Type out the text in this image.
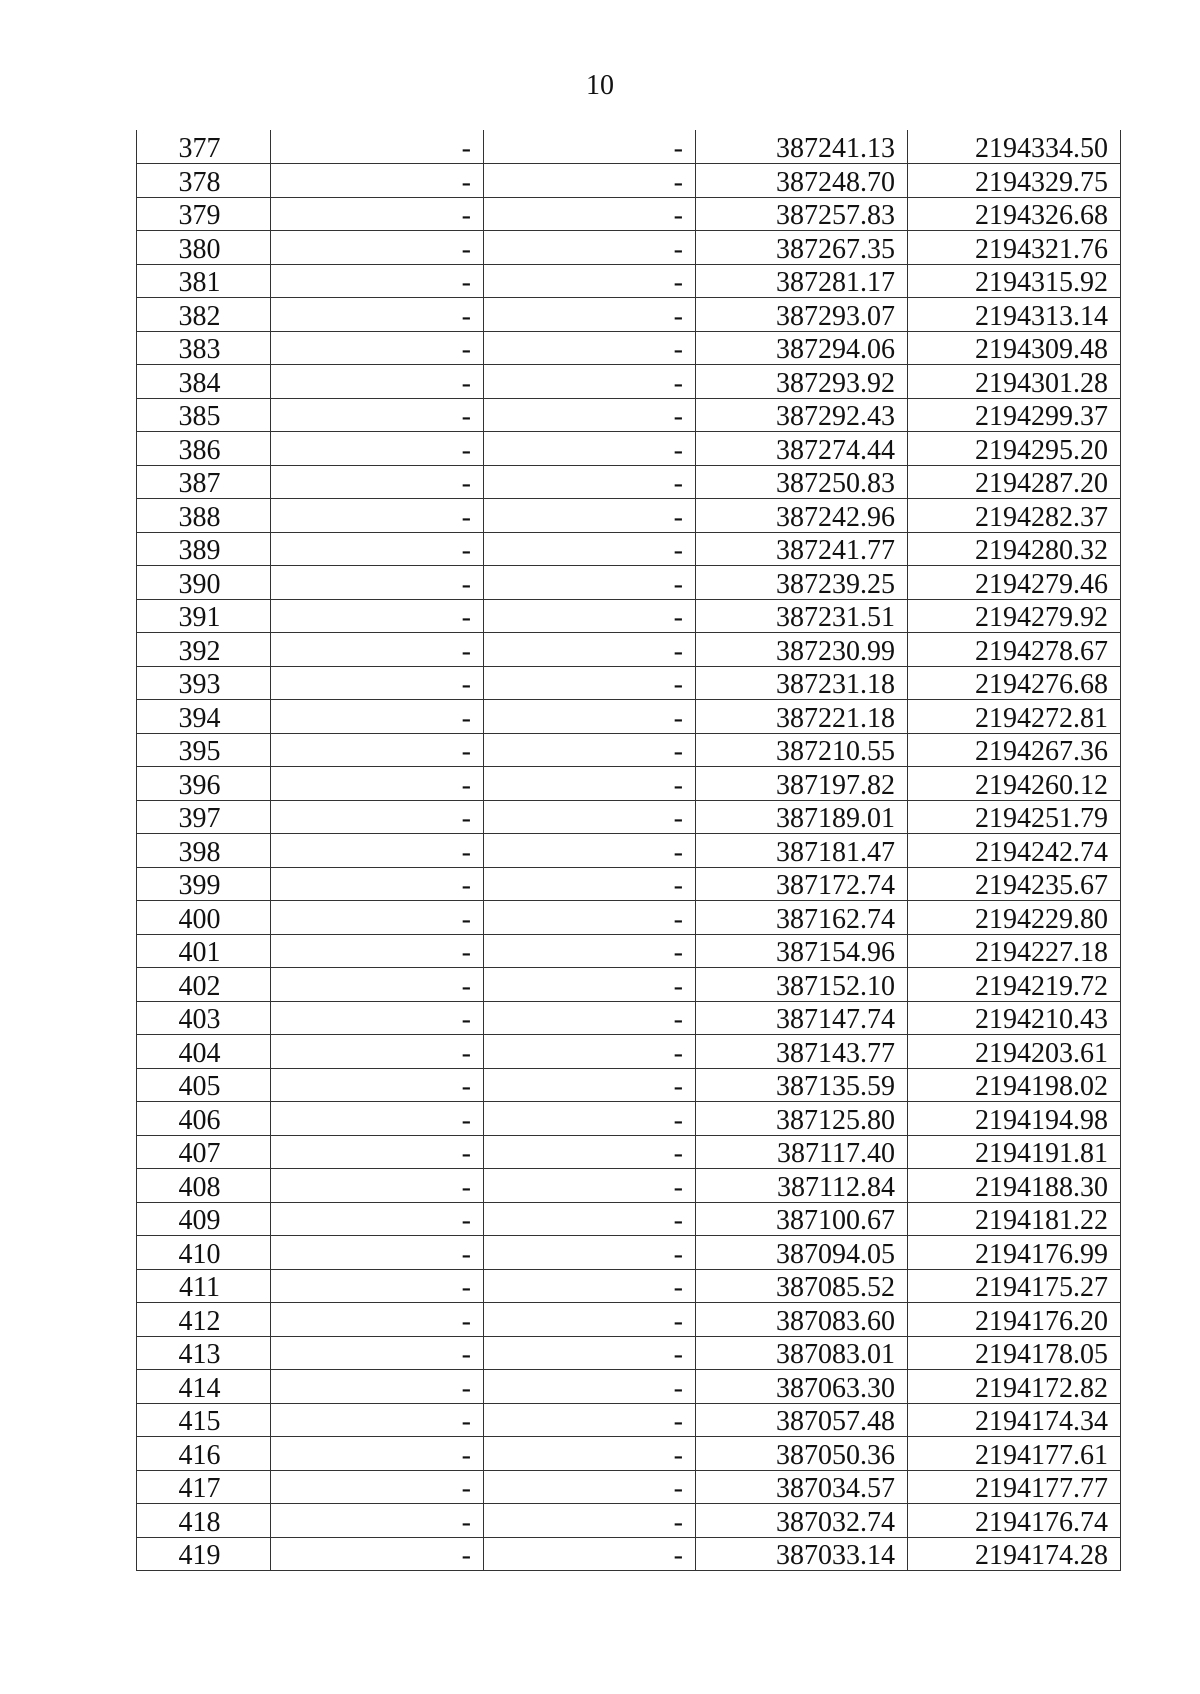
10
377	-	-	387241.13	2194334.50
378	-	-	387248.70	2194329.75
379	-	-	387257.83	2194326.68
380	-	-	387267.35	2194321.76
381	-	-	387281.17	2194315.92
382	-	-	387293.07	2194313.14
383	-	-	387294.06	2194309.48
384	-	-	387293.92	2194301.28
385	-	-	387292.43	2194299.37
386	-	-	387274.44	2194295.20
387	-	-	387250.83	2194287.20
388	-	-	387242.96	2194282.37
389	-	-	387241.77	2194280.32
390	-	-	387239.25	2194279.46
391	-	-	387231.51	2194279.92
392	-	-	387230.99	2194278.67
393	-	-	387231.18	2194276.68
394	-	-	387221.18	2194272.81
395	-	-	387210.55	2194267.36
396	-	-	387197.82	2194260.12
397	-	-	387189.01	2194251.79
398	-	-	387181.47	2194242.74
399	-	-	387172.74	2194235.67
400	-	-	387162.74	2194229.80
401	-	-	387154.96	2194227.18
402	-	-	387152.10	2194219.72
403	-	-	387147.74	2194210.43
404	-	-	387143.77	2194203.61
405	-	-	387135.59	2194198.02
406	-	-	387125.80	2194194.98
407	-	-	387117.40	2194191.81
408	-	-	387112.84	2194188.30
409	-	-	387100.67	2194181.22
410	-	-	387094.05	2194176.99
411	-	-	387085.52	2194175.27
412	-	-	387083.60	2194176.20
413	-	-	387083.01	2194178.05
414	-	-	387063.30	2194172.82
415	-	-	387057.48	2194174.34
416	-	-	387050.36	2194177.61
417	-	-	387034.57	2194177.77
418	-	-	387032.74	2194176.74
419	-	-	387033.14	2194174.28
